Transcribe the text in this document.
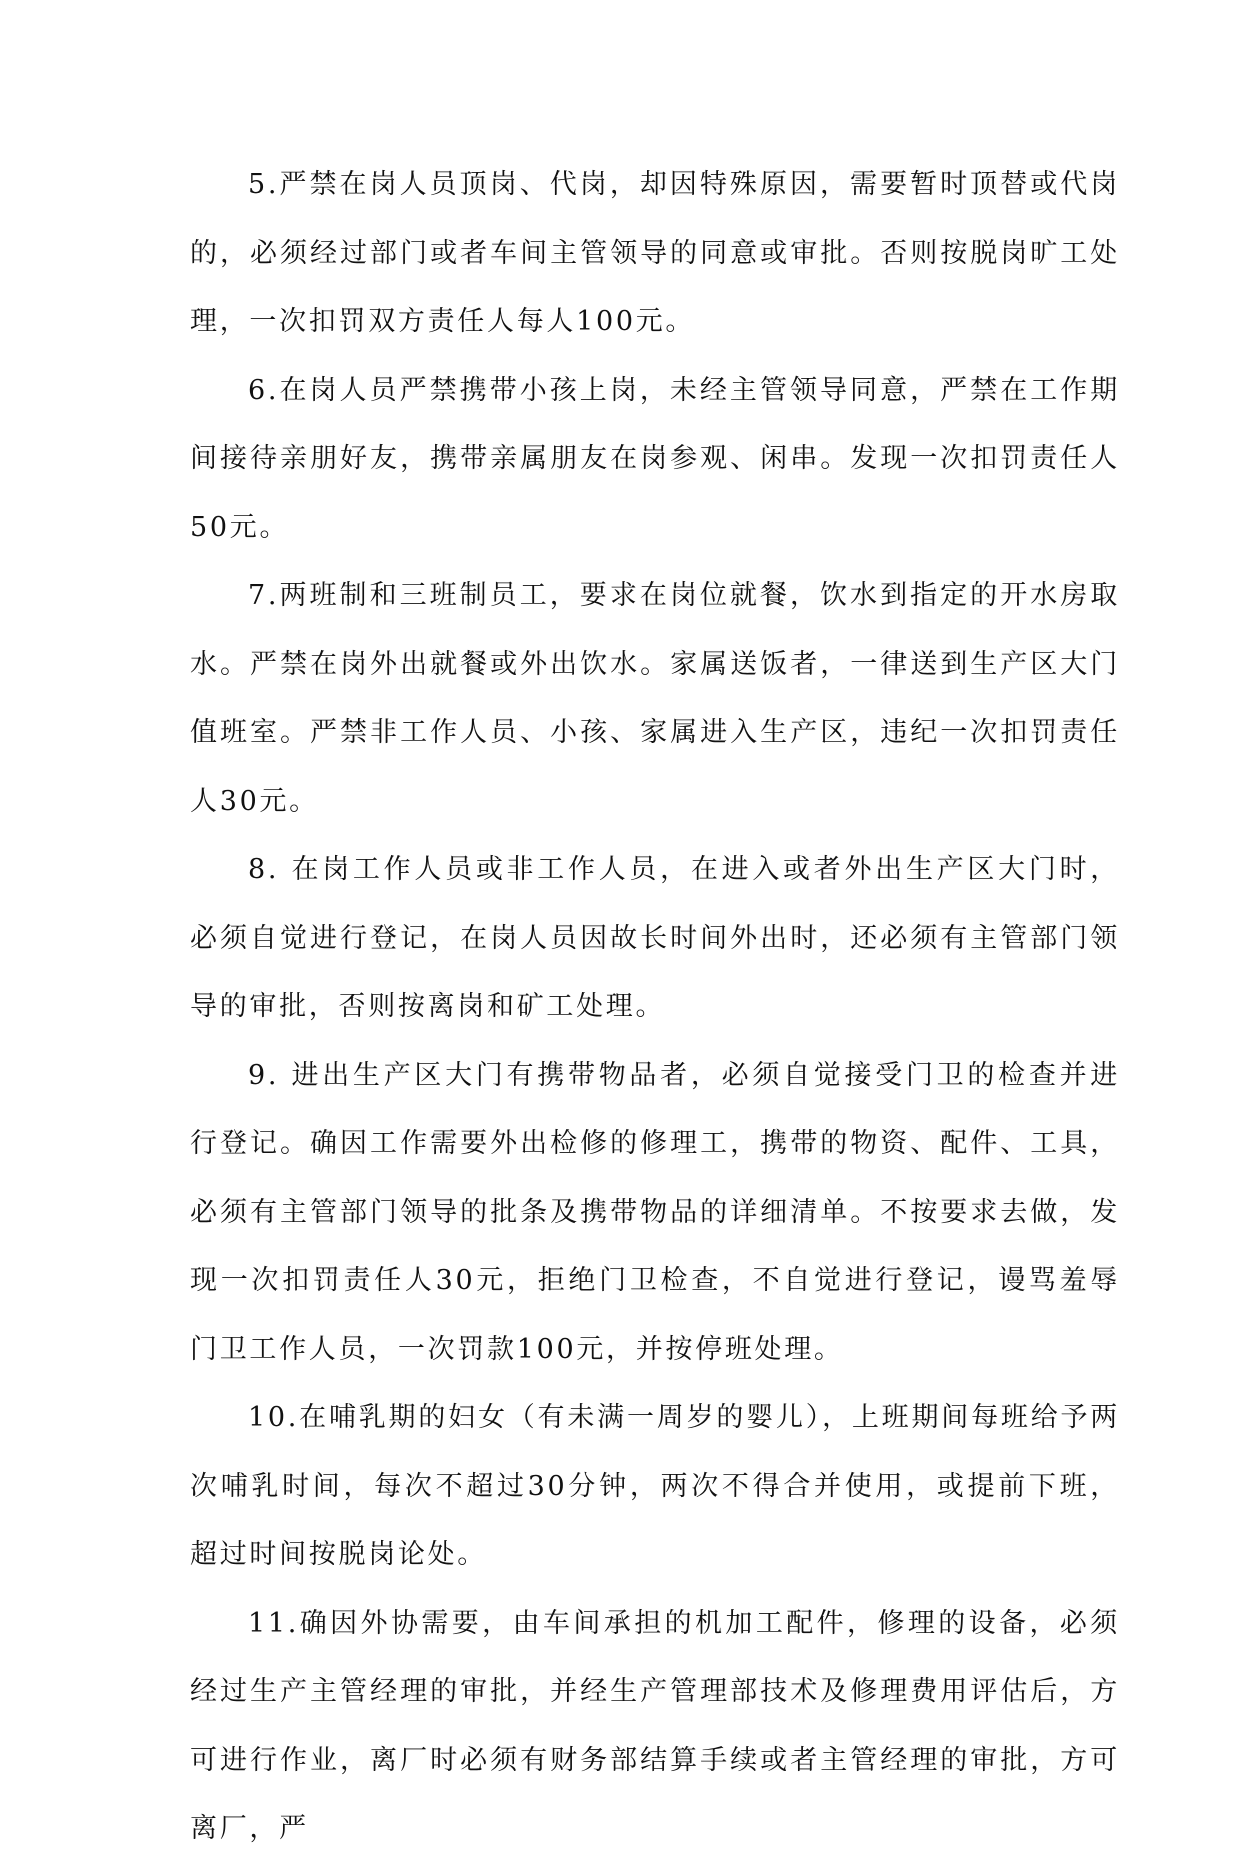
5.严禁在岗人员顶岗、代岗，却因特殊原因，需要暂时顶替或代岗的，必须经过部门或者车间主管领导的同意或审批。否则按脱岗旷工处理，一次扣罚双方责任人每人100元。

6.在岗人员严禁携带小孩上岗，未经主管领导同意，严禁在工作期间接待亲朋好友，携带亲属朋友在岗参观、闲串。发现一次扣罚责任人50元。

7.两班制和三班制员工，要求在岗位就餐，饮水到指定的开水房取水。严禁在岗外出就餐或外出饮水。家属送饭者，一律送到生产区大门值班室。严禁非工作人员、小孩、家属进入生产区，违纪一次扣罚责任人30元。

8. 在岗工作人员或非工作人员，在进入或者外出生产区大门时，必须自觉进行登记，在岗人员因故长时间外出时，还必须有主管部门领导的审批，否则按离岗和矿工处理。

9. 进出生产区大门有携带物品者，必须自觉接受门卫的检查并进行登记。确因工作需要外出检修的修理工，携带的物资、配件、工具，必须有主管部门领导的批条及携带物品的详细清单。不按要求去做，发现一次扣罚责任人30元，拒绝门卫检查，不自觉进行登记，谩骂羞辱门卫工作人员，一次罚款100元，并按停班处理。

10.在哺乳期的妇女（有未满一周岁的婴儿），上班期间每班给予两次哺乳时间，每次不超过30分钟，两次不得合并使用，或提前下班，超过时间按脱岗论处。

11.确因外协需要，由车间承担的机加工配件，修理的设备，必须经过生产主管经理的审批，并经生产管理部技术及修理费用评估后，方可进行作业，离厂时必须有财务部结算手续或者主管经理的审批，方可离厂，严
